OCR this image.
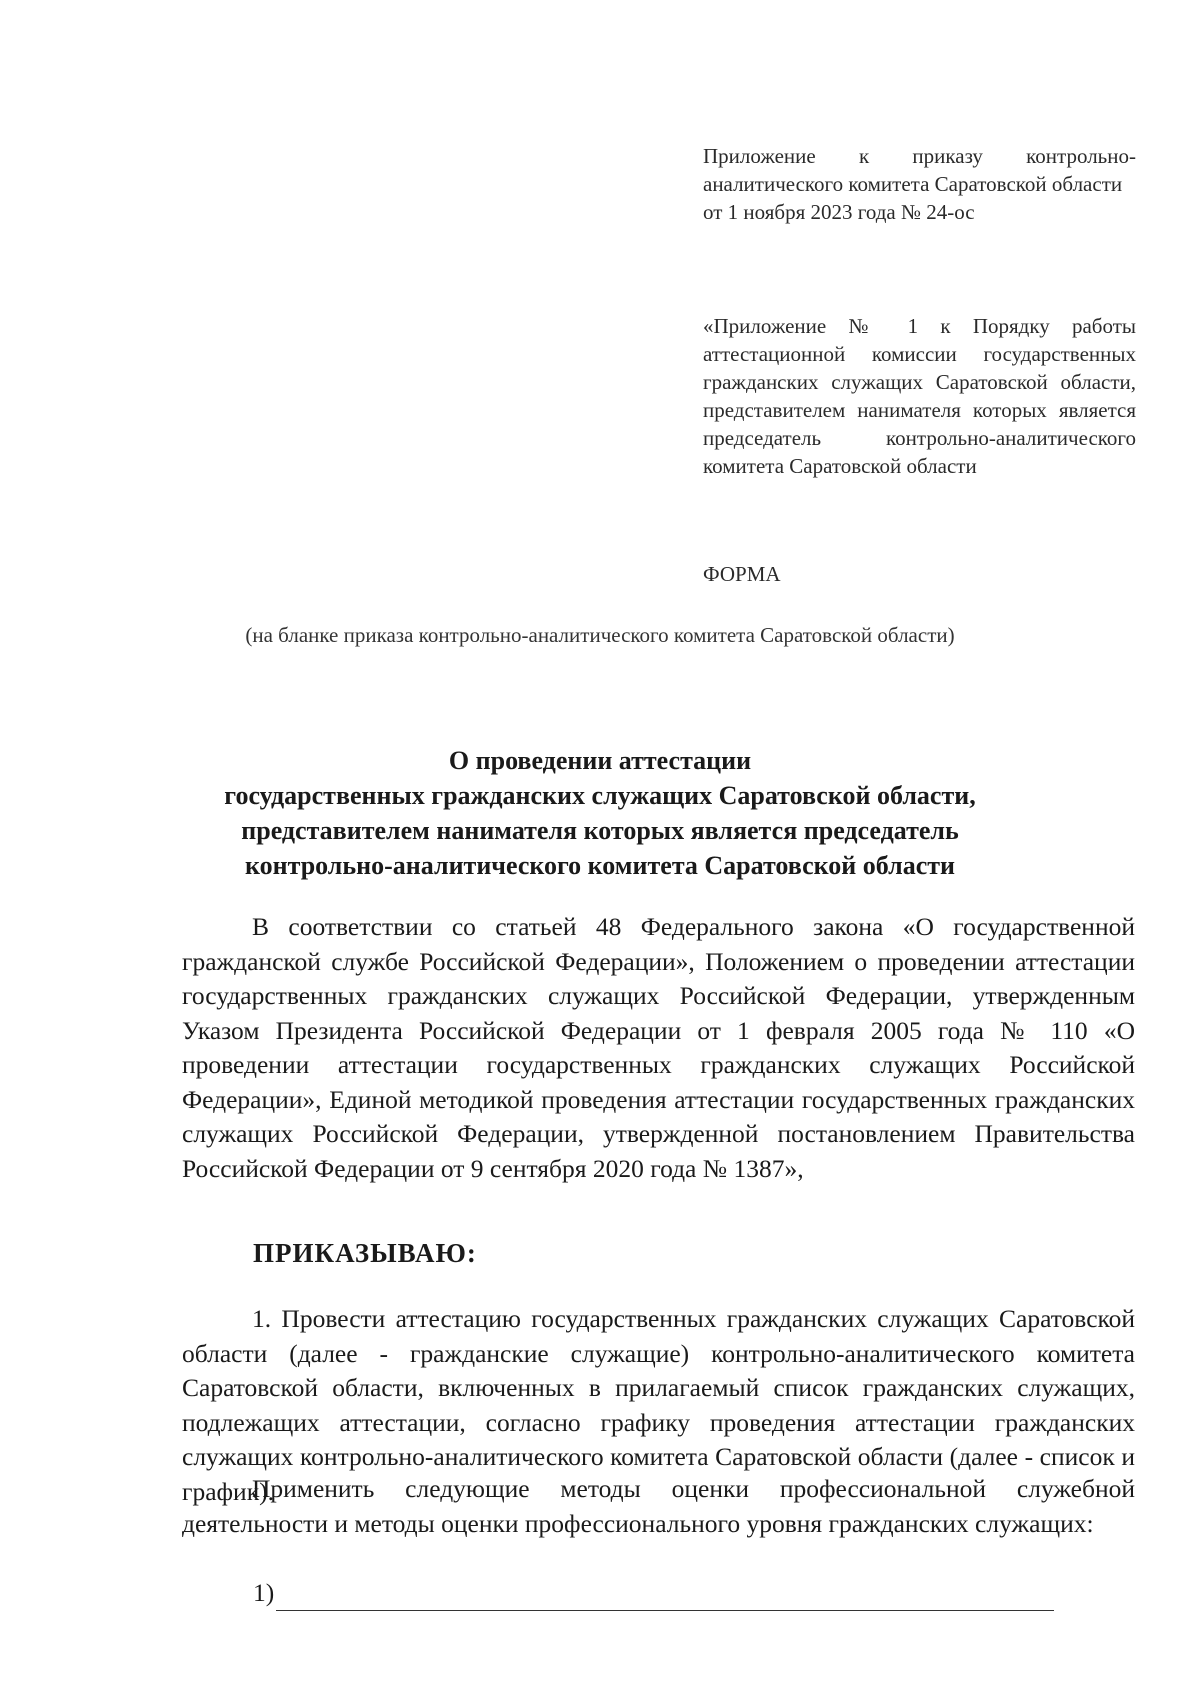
Приложение к приказу контрольно-аналитического комитета Саратовской области

от 1 ноября 2023 года № 24-ос

«Приложение № 1 к Порядку работы аттестационной комиссии государственных гражданских служащих Саратовской области, представителем нанимателя которых является председатель контрольно-аналитического комитета Саратовской области

ФОРМА
(на бланке приказа контрольно-аналитического комитета Саратовской области)
О проведении аттестации
государственных гражданских служащих Саратовской области,
представителем нанимателя которых является председатель
контрольно-аналитического комитета Саратовской области

В соответствии со статьей 48 Федерального закона «О государственной гражданской службе Российской Федерации», Положением о проведении аттестации государственных гражданских служащих Российской Федерации, утвержденным Указом Президента Российской Федерации от 1 февраля 2005 года № 110 «О проведении аттестации государственных гражданских служащих Российской Федерации», Единой методикой проведения аттестации государственных гражданских служащих Российской Федерации, утвержденной постановлением Правительства Российской Федерации от 9 сентября 2020 года № 1387»,

ПРИКАЗЫВАЮ:

1. Провести аттестацию государственных гражданских служащих Саратовской области (далее - гражданские служащие) контрольно-аналитического комитета Саратовской области, включенных в прилагаемый список гражданских служащих, подлежащих аттестации, согласно графику проведения аттестации гражданских служащих контрольно-аналитического комитета Саратовской области (далее - список и график).

Применить следующие методы оценки профессиональной служебной деятельности и методы оценки профессионального уровня гражданских служащих:

1)
